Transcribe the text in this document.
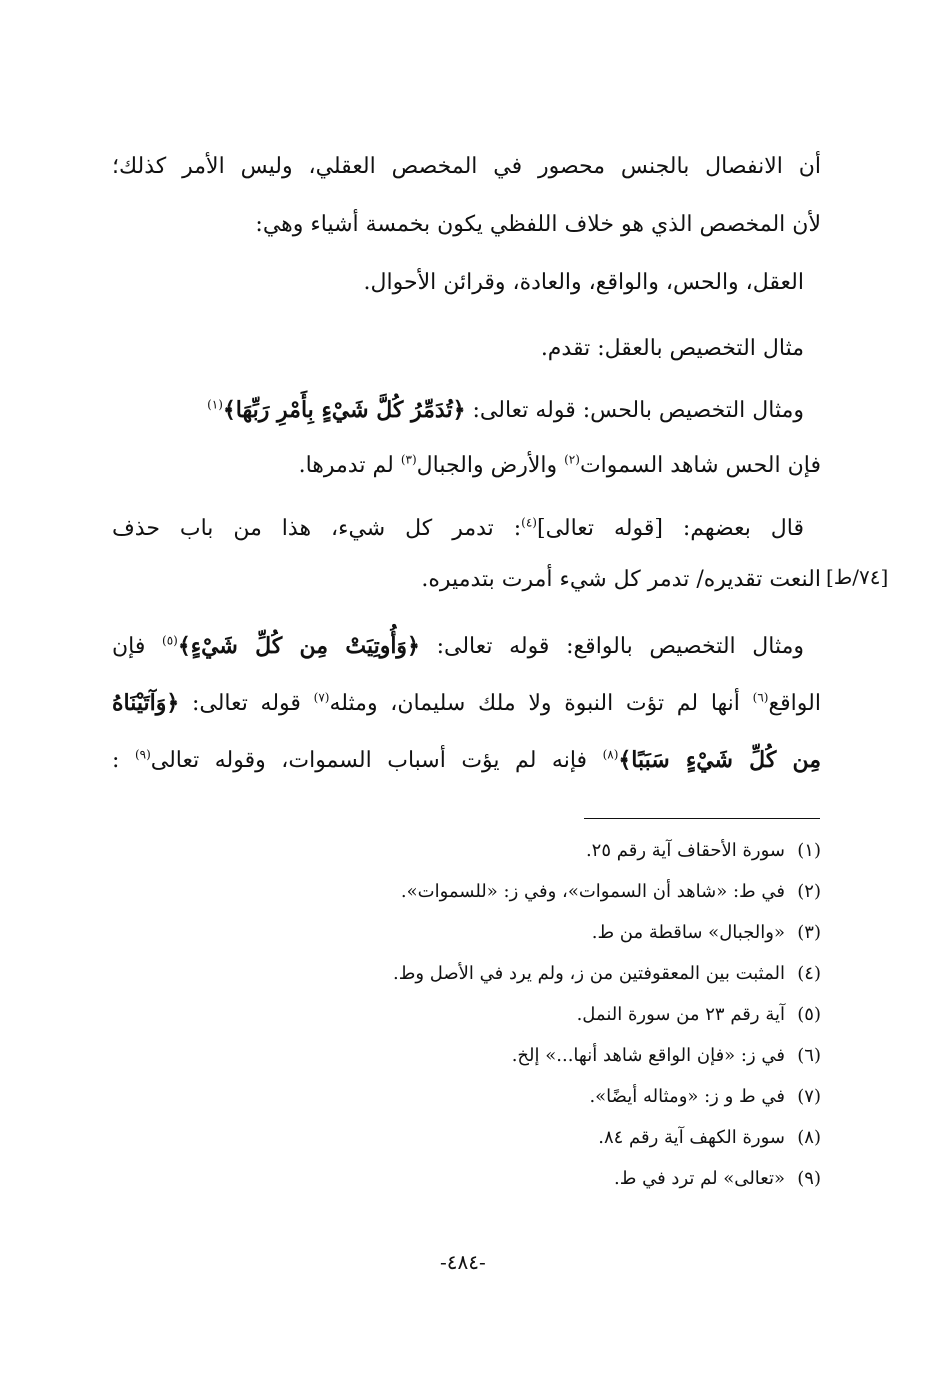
أن الانفصال بالجنس محصور في المخصص العقلي، وليس الأمر كذلك؛
لأن المخصص الذي هو خلاف اللفظي يكون بخمسة أشياء وهي:
العقل، والحس، والواقع، والعادة، وقرائن الأحوال.
مثال التخصيص بالعقل: تقدم.
ومثال التخصيص بالحس: قوله تعالى: ﴿تُدَمِّرُ كُلَّ شَيْءٍ بِأَمْرِ رَبِّهَا﴾$^{(١)}$
فإن الحس شاهد السموات$^{(٢)}$ والأرض والجبال$^{(٣)}$ لم تدمرها.
قال بعضهم: [قوله تعالى]$^{(٤)}$: تدمر كل شيء، هذا من باب حذف
النعت تقديره/ تدمر كل شيء أمرت بتدميره. [٧٤/ط]
ومثال التخصيص بالواقع: قوله تعالى: ﴿وَأُوتِيَتْ مِن كُلِّ شَيْءٍ﴾$^{(٥)}$ فإن
الواقع$^{(٦)}$ أنها لم تؤت النبوة ولا ملك سليمان، ومثله$^{(٧)}$ قوله تعالى: ﴿وَآتَيْنَاهُ
مِن كُلِّ شَيْءٍ سَبَبًا﴾$^{(٨)}$ فإنه لم يؤت أسباب السموات، وقوله تعالى$^{(٩)}$ :
(١)سورة الأحقاف آية رقم ٢٥.
(٢)في ط: «شاهد أن السموات»، وفي ز: «للسموات».
(٣)«والجبال» ساقطة من ط.
(٤)المثبت بين المعقوفتين من ز، ولم يرد في الأصل وط.
(٥)آية رقم ٢٣ من سورة النمل.
(٦)في ز: «فإن الواقع شاهد أنها...» إلخ.
(٧)في ط و ز: «ومثاله أيضًا».
(٨)سورة الكهف آية رقم ٨٤.
(٩)«تعالى» لم ترد في ط.
-٤٨٤-
